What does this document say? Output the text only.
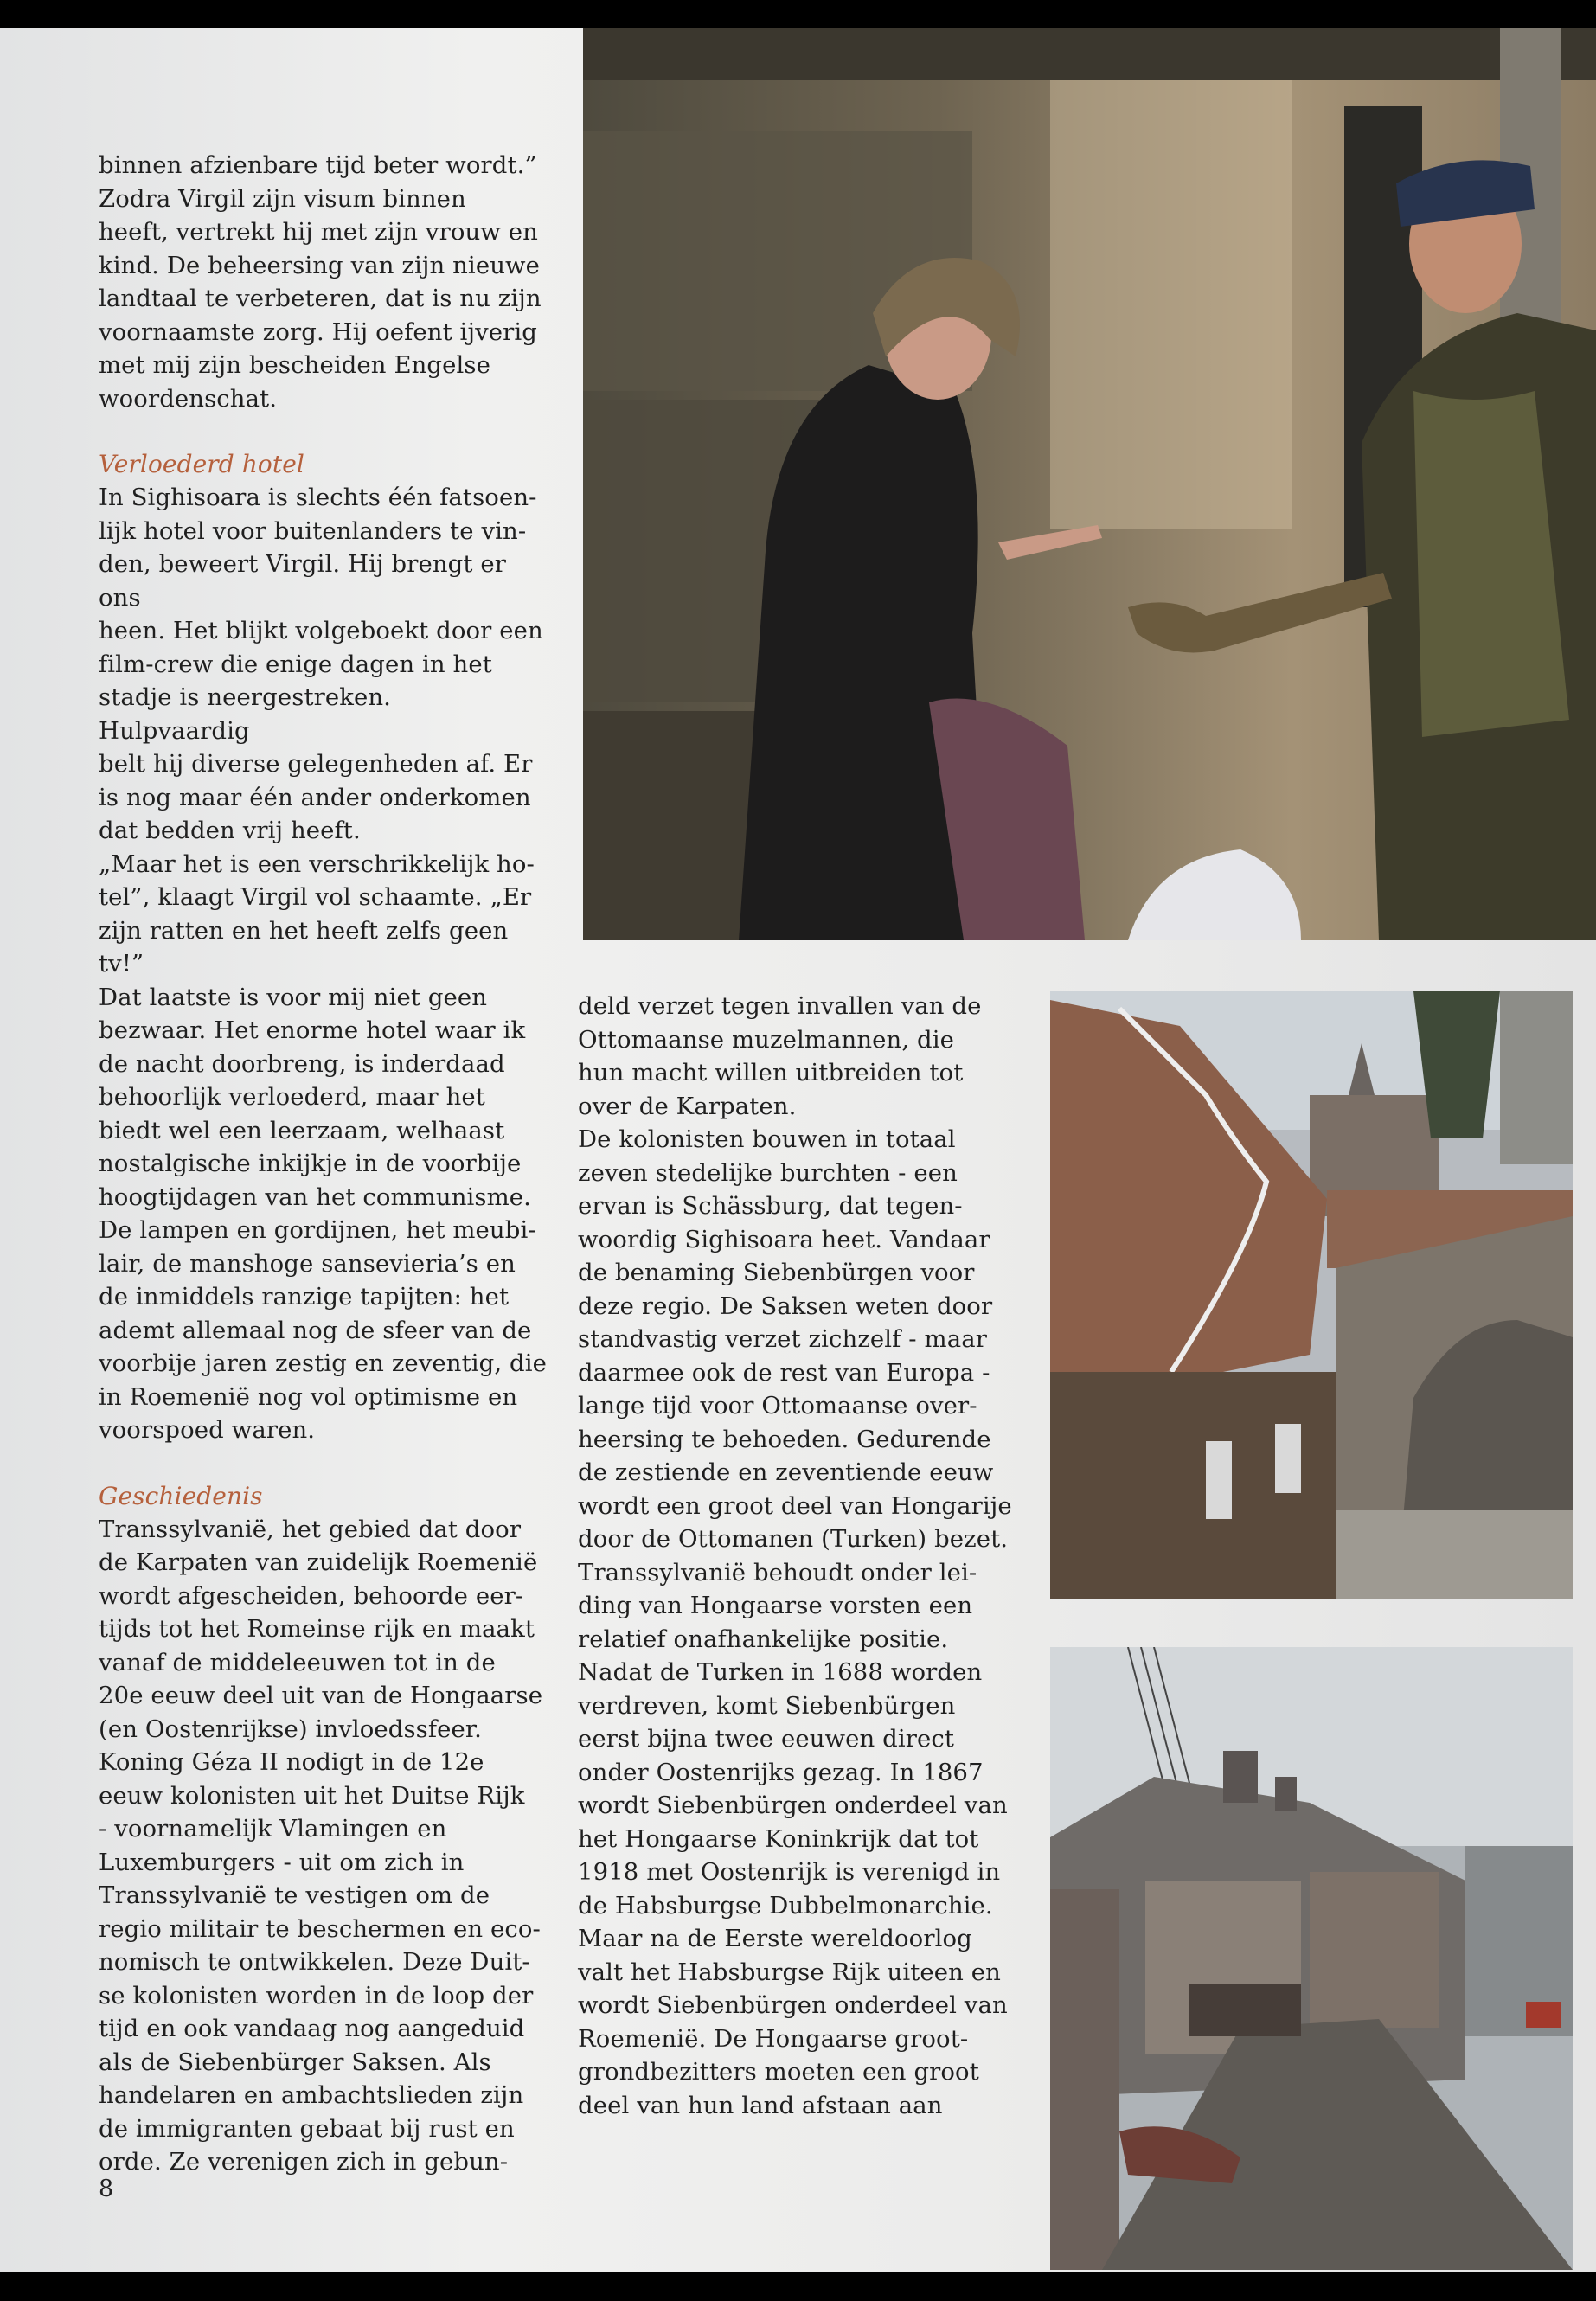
binnen afzienbare tijd beter wordt.”

Zodra Virgil zijn visum binnen

heeft, vertrekt hij met zijn vrouw en

kind. De beheersing van zijn nieuwe

landtaal te verbeteren, dat is nu zijn

voornaamste zorg. Hij oefent ijverig

met mij zijn bescheiden Engelse

woordenschat.

Verloederd hotel

In Sighisoara is slechts één fatsoen-

lijk hotel voor buitenlanders te vin-

den, beweert Virgil. Hij brengt er ons

heen. Het blijkt volgeboekt door een

film-crew die enige dagen in het

stadje is neergestreken. Hulpvaardig

belt hij diverse gelegenheden af. Er

is nog maar één ander onderkomen

dat bedden vrij heeft.

„Maar het is een verschrikkelijk ho-

tel”, klaagt Virgil vol schaamte. „Er

zijn ratten en het heeft zelfs geen

tv!”

Dat laatste is voor mij niet geen

bezwaar. Het enorme hotel waar ik

de nacht doorbreng, is inderdaad

behoorlijk verloederd, maar het

biedt wel een leerzaam, welhaast

nostalgische inkijkje in de voorbije

hoogtijdagen van het communisme.

De lampen en gordijnen, het meubi-

lair, de manshoge sansevieria’s en

de inmiddels ranzige tapijten: het

ademt allemaal nog de sfeer van de

voorbije jaren zestig en zeventig, die

in Roemenië nog vol optimisme en

voorspoed waren.

Geschiedenis

Transsylvanië, het gebied dat door

de Karpaten van zuidelijk Roemenië

wordt afgescheiden, behoorde eer-

tijds tot het Romeinse rijk en maakt

vanaf de middeleeuwen tot in de

20e eeuw deel uit van de Hongaarse

(en Oostenrijkse) invloedssfeer.

Koning Géza II nodigt in de 12e

eeuw kolonisten uit het Duitse Rijk

- voornamelijk Vlamingen en

Luxemburgers - uit om zich in

Transsylvanië te vestigen om de

regio militair te beschermen en eco-

nomisch te ontwikkelen. Deze Duit-

se kolonisten worden in de loop der

tijd en ook vandaag nog aangeduid

als de Siebenbürger Saksen. Als

handelaren en ambachtslieden zijn

de immigranten gebaat bij rust en

orde. Ze verenigen zich in gebun-

deld verzet tegen invallen van de

Ottomaanse muzelmannen, die

hun macht willen uitbreiden tot

over de Karpaten.

De kolonisten bouwen in totaal

zeven stedelijke burchten - een

ervan is Schässburg, dat tegen-

woordig Sighisoara heet. Vandaar

de benaming Siebenbürgen voor

deze regio. De Saksen weten door

standvastig verzet zichzelf - maar

daarmee ook de rest van Europa -

lange tijd voor Ottomaanse over-

heersing te behoeden. Gedurende

de zestiende en zeventiende eeuw

wordt een groot deel van Hongarije

door de Ottomanen (Turken) bezet.

Transsylvanië behoudt onder lei-

ding van Hongaarse vorsten een

relatief onafhankelijke positie.

Nadat de Turken in 1688 worden

verdreven, komt Siebenbürgen

eerst bijna twee eeuwen direct

onder Oostenrijks gezag. In 1867

wordt Siebenbürgen onderdeel van

het Hongaarse Koninkrijk dat tot

1918 met Oostenrijk is verenigd in

de Habsburgse Dubbelmonarchie.

Maar na de Eerste wereldoorlog

valt het Habsburgse Rijk uiteen en

wordt Siebenbürgen onderdeel van

Roemenië. De Hongaarse groot-

grondbezitters moeten een groot

deel van hun land afstaan aan

8
